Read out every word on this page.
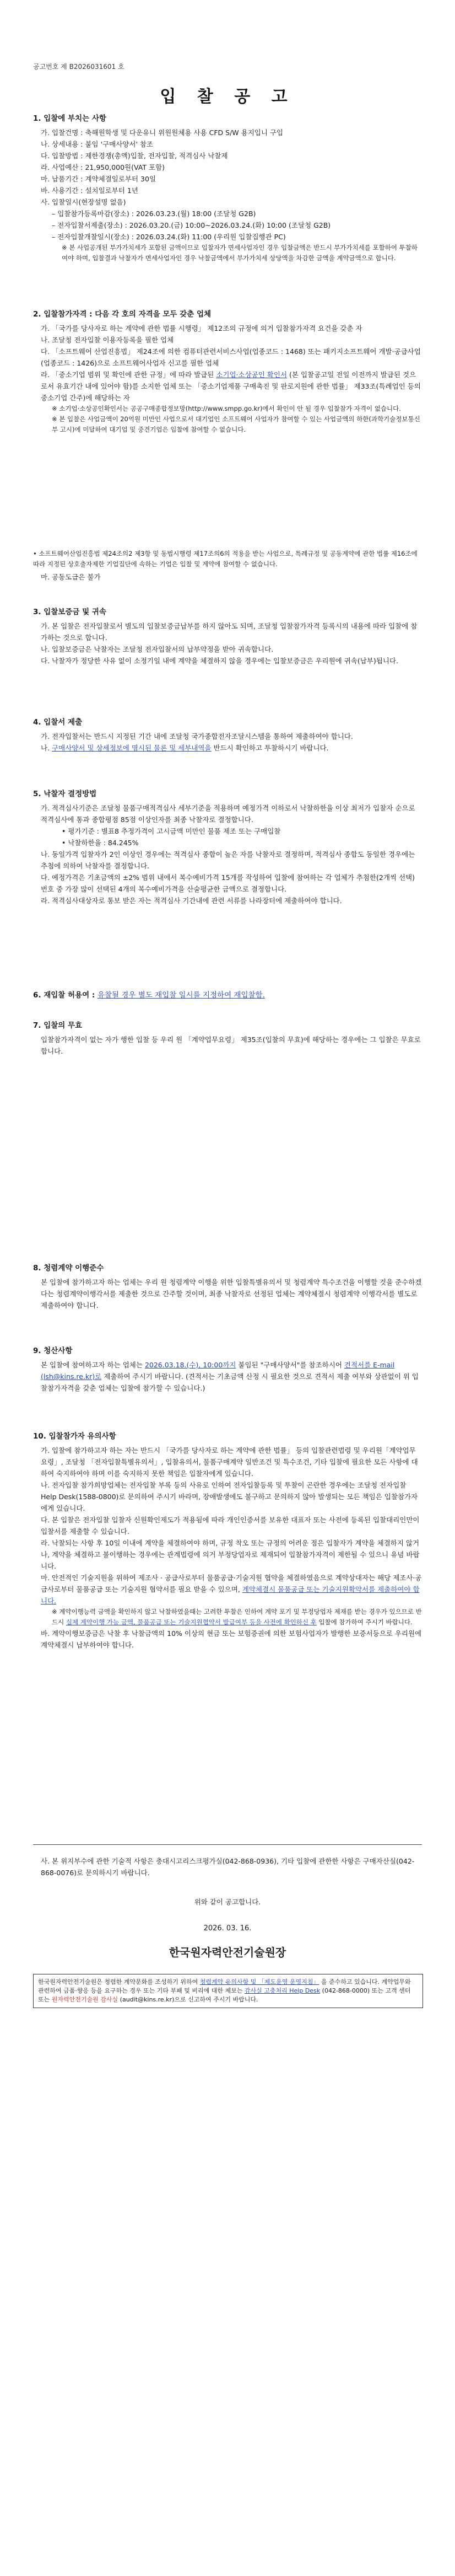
공고번호 제 B2026031601 호
입 찰 공 고
1. 입찰에 부치는 사항
가. 입찰건명 : 축해원학생 및 다운유니 위원원체용 사용 CFD S/W 용지입니 구입
나. 상세내용 : 붙임 '구매사양서' 참조
다. 입찰방법 : 제한경쟁(총액)입찰, 전자입찰, 적격심사 낙찰제
라. 사업예산 : 21,950,000원(VAT 포함)
마. 납품기간 : 계약체결일로부터 30일
바. 사용기간 : 설치일로부터 1년
사. 입찰일시(현장설명 없음)
– 입찰참가등록마감(장소) : 2026.03.23.(월) 18:00 (조달청 G2B)
– 전자입찰서제출(장소) : 2026.03.20.(금) 10:00~2026.03.24.(화) 10:00 (조달청 G2B)
– 전자입찰개찰일시(장소) : 2026.03.24.(화) 11:00 (우리원 입찰집행관 PC)
※ 본 사업공개된 부가가치세가 포함된 금액이므로 입찰자가 면세사업자인 경우 입찰금액은 반드시 부가가치세를 포함하여 투찰하여야 하며, 입찰결과 낙찰자가 면세사업자인 경우 낙찰금액에서 부가가치세 상당액을 차감한 금액을 계약금액으로 합니다.
2. 입찰참가자격 : 다음 각 호의 자격을 모두 갖춘 업체
가. 「국가를 당사자로 하는 계약에 관한 법률 시행령」 제12조의 규정에 의거 입찰참가자격 요건을 갖춘 자
나. 조달청 전자입찰 이용자등록을 필한 업체
다. 「소프트웨어 산업진흥법」 제24조에 의한 컴퓨터관련서비스사업(업종코드 : 1468) 또는 패키지소프트웨어 개발·공급사업(업종코드 : 1426)으로 소프트웨어사업자 신고를 필한 업체
라. 「중소기업 범위 및 확인에 관한 규정」에 따라 발급된 소기업·소상공인 확인서 (본 입찰공고일 전일 이전까지 발급된 것으로서 유효기간 내에 있어야 함)를 소지한 업체 또는 「중소기업제품 구매촉진 및 판로지원에 관한 법률」 제33조(특례업인 등의 중소기업 간주)에 해당하는 자
※ 소기업·소상공인확인서는 공공구매종합정보망(http://www.smpp.go.kr)에서 확인이 안 될 경우 입찰참가 자격이 없습니다.
※ 본 입찰은 사업금액이 20억원 미만인 사업으로서 대기업인 소프트웨어 사업자가 참여할 수 있는 사업금액의 하한(과학기술정보통신부 고시)에 미달하여 대기업 및 중견기업은 입찰에 참여할 수 없습니다.
• 소프트웨어산업진흥법 제24조의2 제3항 및 동법시행령 제17조의6의 적용을 받는 사업으로, 특례규정 및 공동계약에 관한 법률 제16조에 따라 지정된 상호출자제한 기업집단에 속하는 기업은 입찰 및 계약에 참여할 수 없습니다.
마. 공동도급은 불가
3. 입찰보증금 및 귀속
가. 본 입찰은 전자입찰로서 별도의 입찰보증금납부를 하지 않아도 되며, 조달청 입찰참가자격 등록시의 내용에 따라 입찰에 참가하는 것으로 합니다.
나. 입찰보증금은 낙찰자는 조달청 전자입찰서의 납부약정을 받아 귀속합니다.
다. 낙찰자가 정당한 사유 없이 소정기일 내에 계약을 체결하지 않을 경우에는 입찰보증금은 우리원에 귀속(납부)됩니다.
4. 입찰서 제출
가. 전자입찰서는 반드시 지정된 기간 내에 조달청 국가종합전자조달시스템을 통하여 제출하여야 합니다.
나. 구매사양서 및 상세정보에 명시된 물론 및 세부내역을 반드시 확인하고 투찰하시기 바랍니다.
5. 낙찰자 결정방법
가. 적격심사기준은 조달청 물품구매적격심사 세부기준을 적용하며 예정가격 이하로서 낙찰하한율 이상 최저가 입찰자 순으로 적격심사에 통과 종합평점 85점 이상인자를 최종 낙찰자로 결정합니다.
• 평가기준 : 별표8 추정가격이 고시금액 미만인 물품 제조 또는 구매입찰
• 낙찰하한율 : 84.245%
나. 동일가격 입찰자가 2인 이상인 경우에는 적격심사 종합이 높은 자를 낙찰자로 결정하며, 적격심사 종합도 동일한 경우에는 추첨에 의하여 낙찰자를 결정합니다.
다. 예정가격은 기초금액의 ±2% 범위 내에서 복수예비가격 15개를 작성하여 입찰에 참여하는 각 업체가 추첨한(2개씩 선택) 번호 중 가장 많이 선택된 4개의 복수예비가격을 산술평균한 금액으로 결정합니다.
라. 적격심사대상자로 통보 받은 자는 적격심사 기간내에 관련 서류를 나라장터에 제출하여야 합니다.
6. 재입찰 허용여 : 유찰될 경우 별도 재입찰 일시를 지정하여 재입찰함.
7. 입찰의 무효
입찰참가자격이 없는 자가 행한 입찰 등 우리 원 「계약업무요령」 제35조(입찰의 무효)에 해당하는 경우에는 그 입찰은 무효로 합니다.
8. 청렴계약 이행준수
본 입찰에 참가하고자 하는 업체는 우리 원 청렴계약 이행을 위한 입찰특별유의서 및 청렴계약 특수조건을 이행할 것을 준수하겠다는 청렴계약이행각서를 제출한 것으로 간주할 것이며, 최종 낙찰자로 선정된 업체는 계약체결시 청렴계약 이행각서를 별도로 제출하여야 합니다.
9. 청산사항
본 입찰에 참여하고자 하는 업체는 2026.03.18.(수), 10:00까지 붙임된 "구매사양서"를 참조하시어 견적서를 E-mail (lsh@kins.re.kr)로 제출하여 주시기 바랍니다. (견적서는 기초금액 산정 시 필요한 것으로 견적서 제출 여부와 상관없이 위 입찰참가자격을 갖춘 업체는 입찰에 참가할 수 있습니다.)
10. 입찰참가자 유의사항
가. 입찰에 참가하고자 하는 자는 반드시 「국가를 당사자로 하는 계약에 관한 법률」 등의 입찰관련법령 및 우리원「계약업무요령」, 조달청 「전자입찰특별유의서」, 입찰유의서, 물품구매계약 일반조건 및 특수조건, 기타 입찰에 필요한 모든 사항에 대하여 숙지하여야 하며 이를 숙지하지 못한 책임은 입찰자에게 있습니다.
나. 전자입찰 참가희망업체는 전자입찰 부록 등의 사유로 인하여 전자입찰등록 및 투찰이 곤란한 경우에는 조달청 전자입찰 Help Desk(1588-0800)로 문의하여 주시기 바라며, 장애발생에도 불구하고 문의하지 않아 발생되는 모든 책임은 입찰참가자에게 있습니다.
다. 본 입찰은 전자입찰 입찰자 신원확인제도가 적용됨에 따라 개인인증서를 보유한 대표자 또는 사전에 등록된 입찰대리인만이 입찰서를 제출할 수 있습니다.
라. 낙찰되는 사항 후 10일 이내에 계약을 체결하여야 하며, 규정 착오 또는 규정의 어려운 점은 입찰자가 계약을 체결하지 않거나, 계약을 체결하고 불이행하는 경우에는 관계법령에 의거 부정당업자로 제재되어 입찰참가자격이 제한될 수 있으니 유념 바랍니다.
마. 안전적인 기술지원을 위하여 제조사 · 공급사로부터 물품공급·기술지원 협약을 체결하였음으로 계약상대자는 해당 제조사·공급사로부터 물품공급 또는 기술지원 협약서를 필요 받을 수 있으며, 계약체결시 물품공급 또는 기술지원확약서를 제출하여야 합니다.
※ 계약이행능력 금액을 확인하지 않고 낙찰하였을때는 고려한 투찰은 인하여 계약 포기 및 부정당업자 제재를 받는 경우가 있으므로 반드시 실제 계약이행 가능 금액, 물품공급 또는 기술지원협약서 발급여부 등을 사전에 확인하신 후 입찰에 참가하여 주시기 바랍니다.
바. 계약이행보증금은 낙찰 후 낙찰금액의 10% 이상의 현금 또는 보험증권에 의한 보험사업자가 발행한 보증서등으로 우리원에 계약체결시 납부하여야 합니다.
사. 본 위지부수에 관한 기술적 사항은 충대시고리스크평가실(042-868-0936), 기타 입찰에 관한한 사항은 구매자산실(042-868-0076)로 문의하시기 바랍니다.
위와 같이 공고합니다.
2026. 03. 16.
한국원자력안전기술원장
한국원자력안전기술원은 청렴한 계약문화를 조성하기 위하여 청렴계약 유의사항 및 「제도운영 운영지침」 을 준수하고 있습니다. 계약업무와 관련하여 금품·향응 등을 요구하는 경우 또는 기타 부패 및 비리에 대한 제보는 감사실 고충처리 Help Desk (042-868-0000) 또는 고객 센터 또는 원자력안전기술원 감사실 (audit@kins.re.kr)으로 신고하여 주시기 바랍니다.
